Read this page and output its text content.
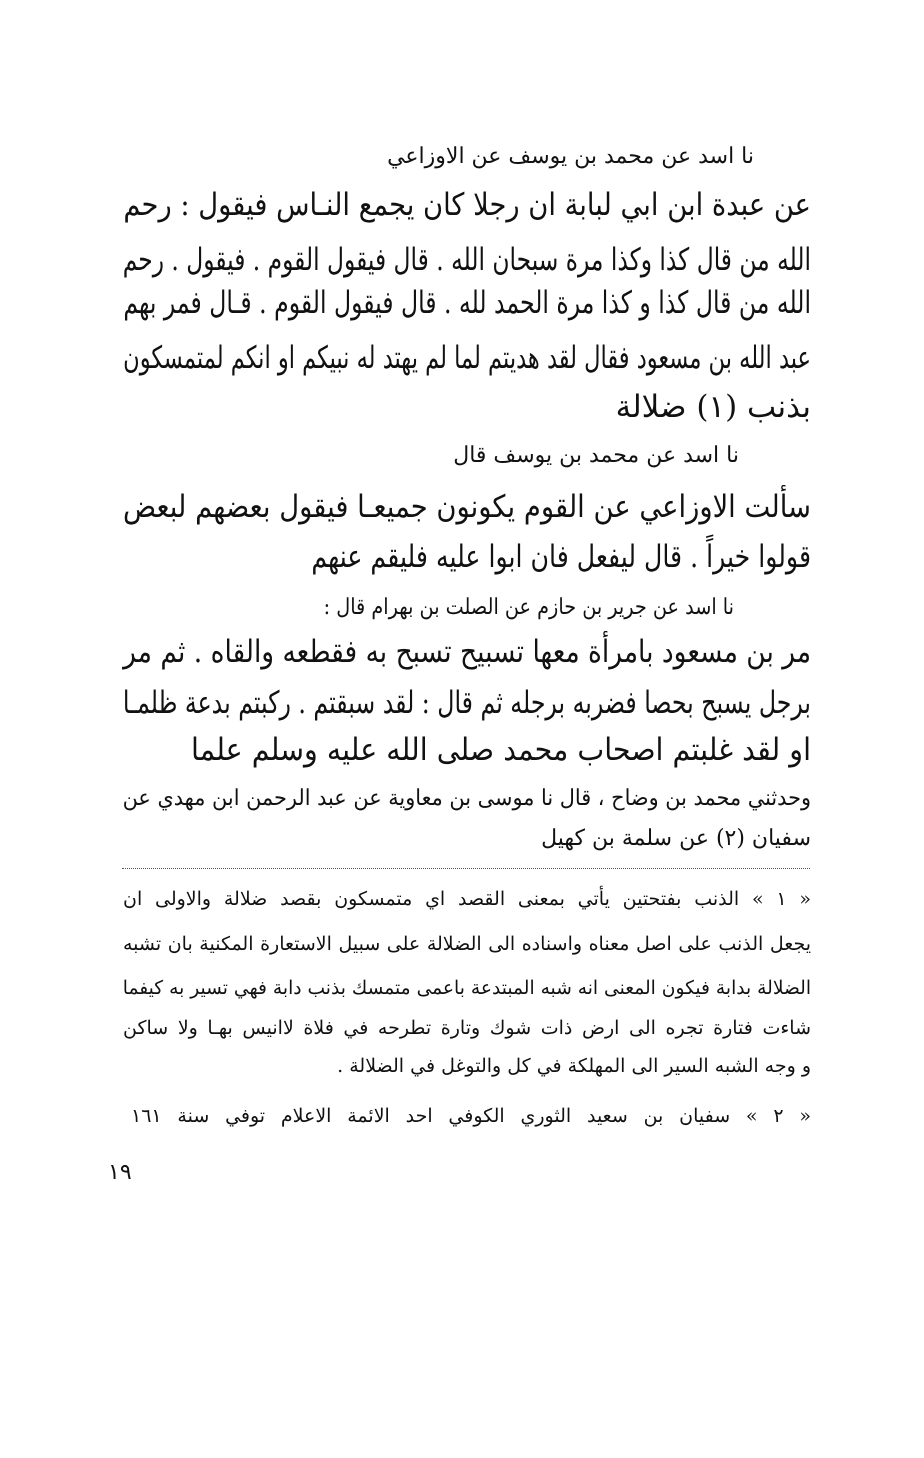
نا اسد عن محمد بن يوسف عن الاوزاعي
عن عبدة ابن ابي لبابة ان رجلا كان يجمع النـاس فيقول : رحم
الله من قال كذا وكذا مرة سبحان الله . قال فيقول القوم . فيقول . رحم
الله من قال كذا و كذا مرة الحمد لله . قال فيقول القوم . قـال فمر بهم
عبد الله بن مسعود فقال لقد هديتم لما لم يهتد له نبيكم او انكم لمتمسكون
بذنب (١) ضلالة
نا اسد عن محمد بن يوسف قال
سألت الاوزاعي عن القوم يكونون جميعـا فيقول بعضهم لبعض
قولوا خيراً . قال ليفعل فان ابوا عليه فليقم عنهم
نا اسد عن جرير بن حازم عن الصلت بن بهرام قال :
مر بن مسعود بامرأة معها تسبيح تسبح به فقطعه والقاه . ثم مر
برجل يسبح بحصا فضربه برجله ثم قال : لقد سبقتم . ركبتم بدعة ظلمـا
او لقد غلبتم اصحاب محمد صلى الله عليه وسلم علما
وحدثني محمد بن وضاح ، قال نا موسى بن معاوية عن عبد الرحمن ابن مهدي عن
سفيان (٢) عن سلمة بن كهيل
« ١ » الذنب بفتحتين يأتي بمعنى القصد اي متمسكون بقصد ضلالة والاولى ان
يجعل الذنب على اصل معناه واسناده الى الضلالة على سبيل الاستعارة المكنية بان تشبه
الضلالة بدابة فيكون المعنى انه شبه المبتدعة باعمى متمسك بذنب دابة فهي تسير به كيفما
شاءت فتارة تجره الى ارض ذات شوك وتارة تطرحه في فلاة لاانيس بهـا ولا ساكن
و وجه الشبه السير الى المهلكة في كل والتوغل في الضلالة .
« ٢ » سفيان بن سعيد الثوري الكوفي احد الائمة الاعلام توفي سنة ١٦١
١٩
